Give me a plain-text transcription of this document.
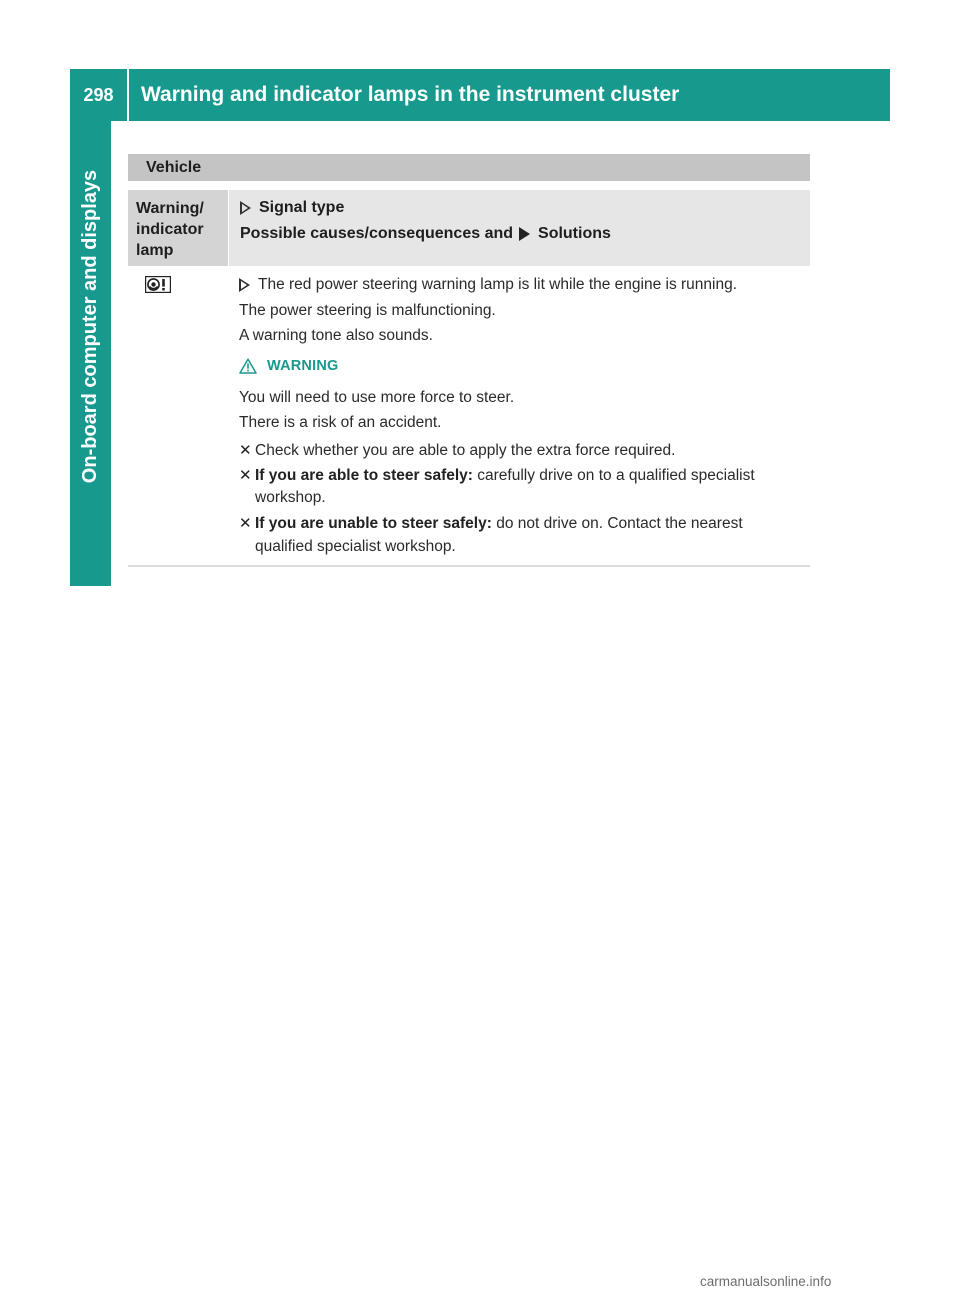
298	Warning and indicator lamps in the instrument cluster
On-board computer and displays
Vehicle
Warning/
indicator
lamp
Signal type
Possible causes/consequences and Solutions
The red power steering warning lamp is lit while the engine is running.
The power steering is malfunctioning.
A warning tone also sounds.
WARNING
You will need to use more force to steer.
There is a risk of an accident.
✕ Check whether you are able to apply the extra force required.
✕ If you are able to steer safely: carefully drive on to a qualified specialist
workshop.
✕ If you are unable to steer safely: do not drive on. Contact the nearest
qualified specialist workshop.
carmanualsonline.info
